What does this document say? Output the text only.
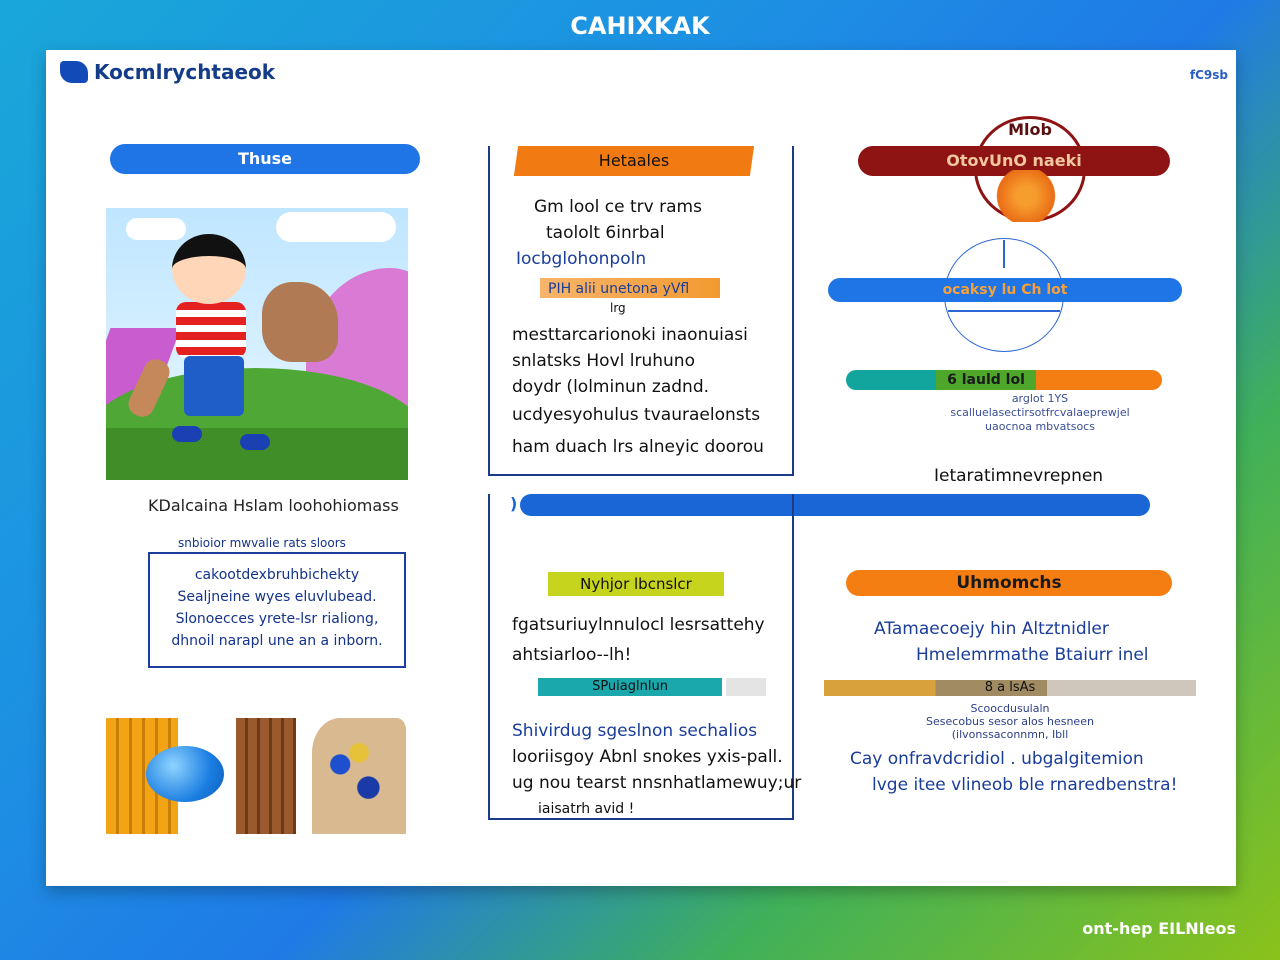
CAHIXKAK
Kocmlrychtaeok	fC9sb
Thuse
KDalcaina Hslam loohohiomass
snbioior mwvalie rats sloors
cakootdexbruhbichekty
Sealjneine wyes eluvlubead.
Slonoecces yrete-lsr rialiong,
dhnoil narapl une an a inborn.
Hetaales
Gm lool ce trv rams
taololt 6inrbal
Iocbglohonpoln
PIH alii unetona yVfl
lrg
mesttarcarionoki inaonuiasi
snlatsks Hovl lruhuno
doydr (lolminun zadnd.
ucdyesyohulus tvauraelonsts
ham duach lrs alneyic doorou
)
Nyhjor lbcnslcr
fgatsuriuylnnulocl lesrsattehy
ahtsiarloo--lh!
SPuiaglnlun
Shivirdug sgeslnon sechalios
looriisgoy Abnl snokes yxis-pall.
ug nou tearst nnsnhatlamewuy;ur
iaisatrh avid !
Mlob
OtovUnO naeki
ocaksy lu Ch lot
6 lauld lol
arglot 1YS
scalluelasectirsotfrcvalaeprewjel
uaocnoa mbvatsocs
Ietaratimnevrepnen
Uhmomchs
ATamaecoejy hin Altztnidler
Hmelemrmathe Btaiurr inel
8 a lsAs
Scoocdusulaln
Sesecobus sesor alos hesneen
(ilvonssaconnmn, Ibll
Cay onfravdcridiol . ubgalgitemion
lvge itee vlineob ble rnaredbenstra!
ont-hep EILNIeos
